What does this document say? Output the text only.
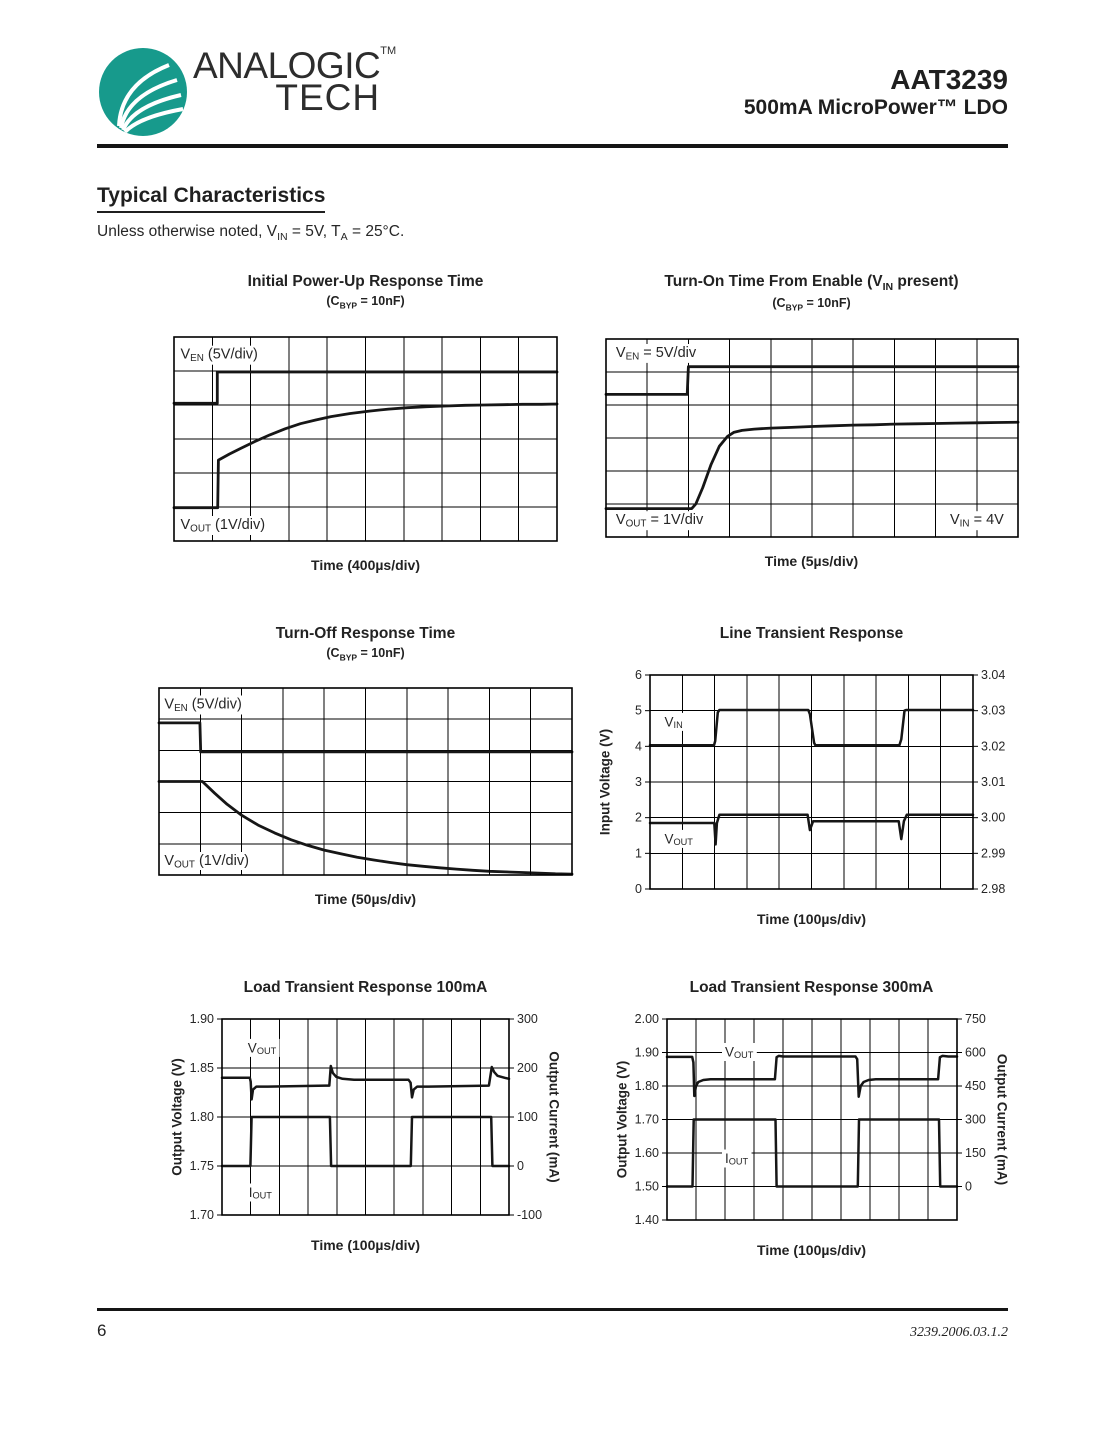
ANALOGIC™
TECH	AAT3239
500mA MicroPower™ LDO
Typical Characteristics
Unless otherwise noted, $V_{IN} = 5V$, $T_A = 25^\circ C$.
Initial Power-Up Response Time
$(C_{BYP} = 10nF)$
$V_{EN}$ (5V/div)
$V_{OUT}$ (1V/div)
Time (400µs/div)
Turn-On Time From Enable ($V_{IN}$ present)
$(C_{BYP} = 10nF)$
$V_{EN} = 5V/div$
$V_{OUT} = 1V/div$	$V_{IN} = 4V$
Time (5µs/div)
Turn-Off Response Time
$(C_{BYP} = 10nF)$
$V_{EN}$ (5V/div)
$V_{OUT}$ (1V/div)
Time (50µs/div)
Line Transient Response
$V_{IN}$
$V_{OUT}$
6
5
4
3
2
1
0
Input Voltage (V)
3.04
3.03
3.02
3.01
3.00
2.99
2.98
Time (100µs/div)
Load Transient Response 100mA
$V_{OUT}$
$I_{OUT}$
1.90
1.85
1.80
1.75
1.70
Output Voltage (V)
300
200
100
0
-100
Output Current (mA)
Time (100µs/div)
Load Transient Response 300mA
$V_{OUT}$
$I_{OUT}$
2.00
1.90
1.80
1.70
1.60
1.50
1.40
Output Voltage (V)
750
600
450
300
150
0
Output Current (mA)
Time (100µs/div)
6	3239.2006.03.1.2
